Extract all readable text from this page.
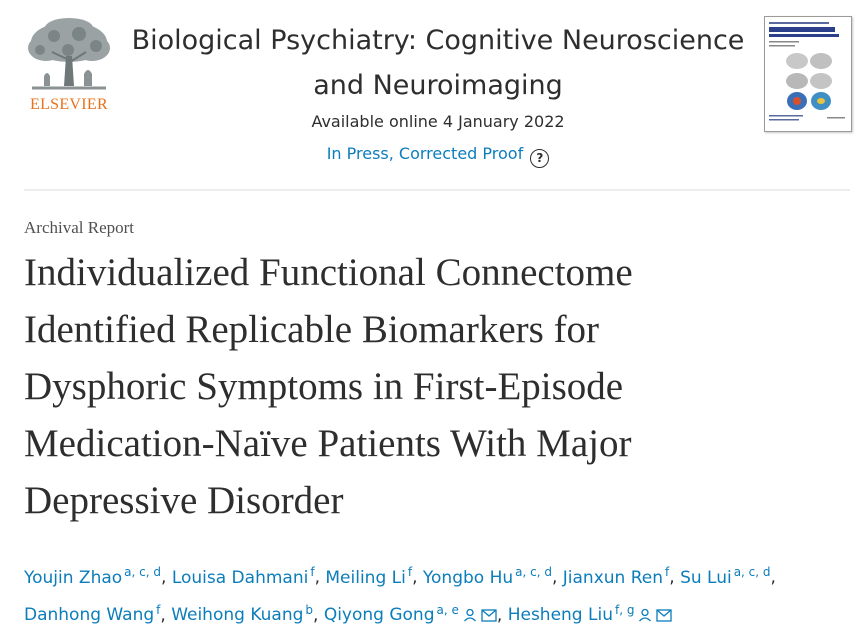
ELSEVIER
Biological Psychiatry: Cognitive Neuroscience
and Neuroimaging
Available online 4 January 2022
In Press, Corrected Proof ?
Archival Report
Individualized Functional Connectome
Identified Replicable Biomarkers for
Dysphoric Symptoms in First-Episode
Medication-Naïve Patients With Major
Depressive Disorder
Youjin Zhao $^{a, c, d}$, Louisa Dahmani $^f$, Meiling Li $^f$, Yongbo Hu $^{a, c, d}$, Jianxun Ren $^f$, Su Lui $^{a, c, d}$,
Danhong Wang $^f$, Weihong Kuang $^b$, Qiyong Gong $^{a, e}$ , Hesheng Liu $^{f, g}$
